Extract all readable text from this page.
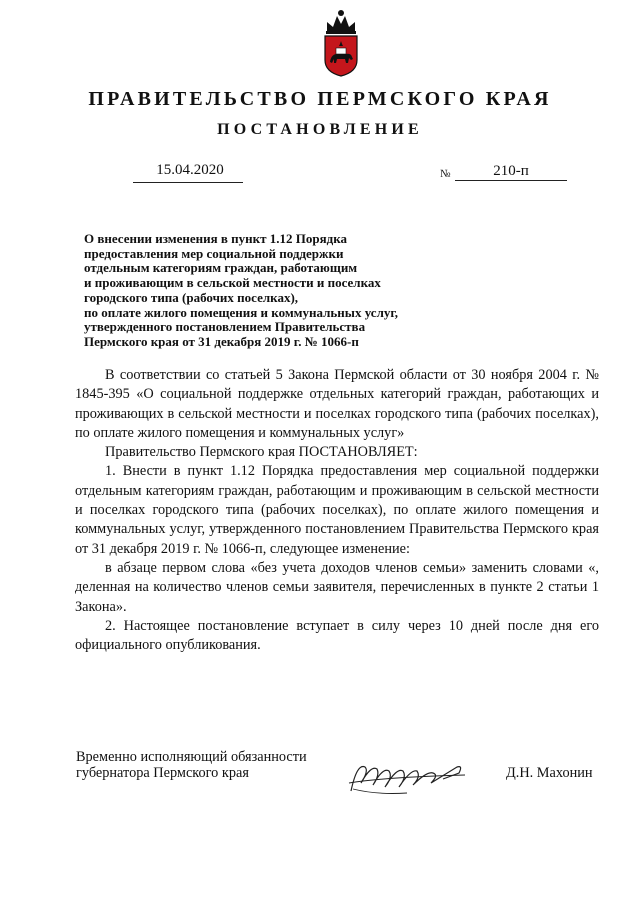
ПРАВИТЕЛЬСТВО ПЕРМСКОГО КРАЯ
ПОСТАНОВЛЕНИЕ
15.04.2020	№	210-п
О внесении изменения в пункт 1.12 Порядка
предоставления мер социальной поддержки
отдельным категориям граждан, работающим
и проживающим в сельской местности и поселках
городского типа (рабочих поселках),
по оплате жилого помещения и коммунальных услуг,
утвержденного постановлением Правительства
Пермского края от 31 декабря 2019 г. № 1066-п

В соответствии со статьей 5 Закона Пермской области от 30 ноября 2004 г. № 1845-395 «О социальной поддержке отдельных категорий граждан, работающих и проживающих в сельской местности и поселках городского типа (рабочих поселках), по оплате жилого помещения и коммунальных услуг»

Правительство Пермского края ПОСТАНОВЛЯЕТ:

1. Внести в пункт 1.12 Порядка предоставления мер социальной поддержки отдельным категориям граждан, работающим и проживающим в сельской местности и поселках городского типа (рабочих поселках), по оплате жилого помещения и коммунальных услуг, утвержденного постановлением Правительства Пермского края от 31 декабря 2019 г. № 1066-п, следующее изменение:

в абзаце первом слова «без учета доходов членов семьи» заменить словами «, деленная на количество членов семьи заявителя, перечисленных в пункте 2 статьи 1 Закона».

2. Настоящее постановление вступает в силу через 10 дней после дня его официального опубликования.

Временно исполняющий обязанности
губернатора Пермского края	Д.Н. Махонин
